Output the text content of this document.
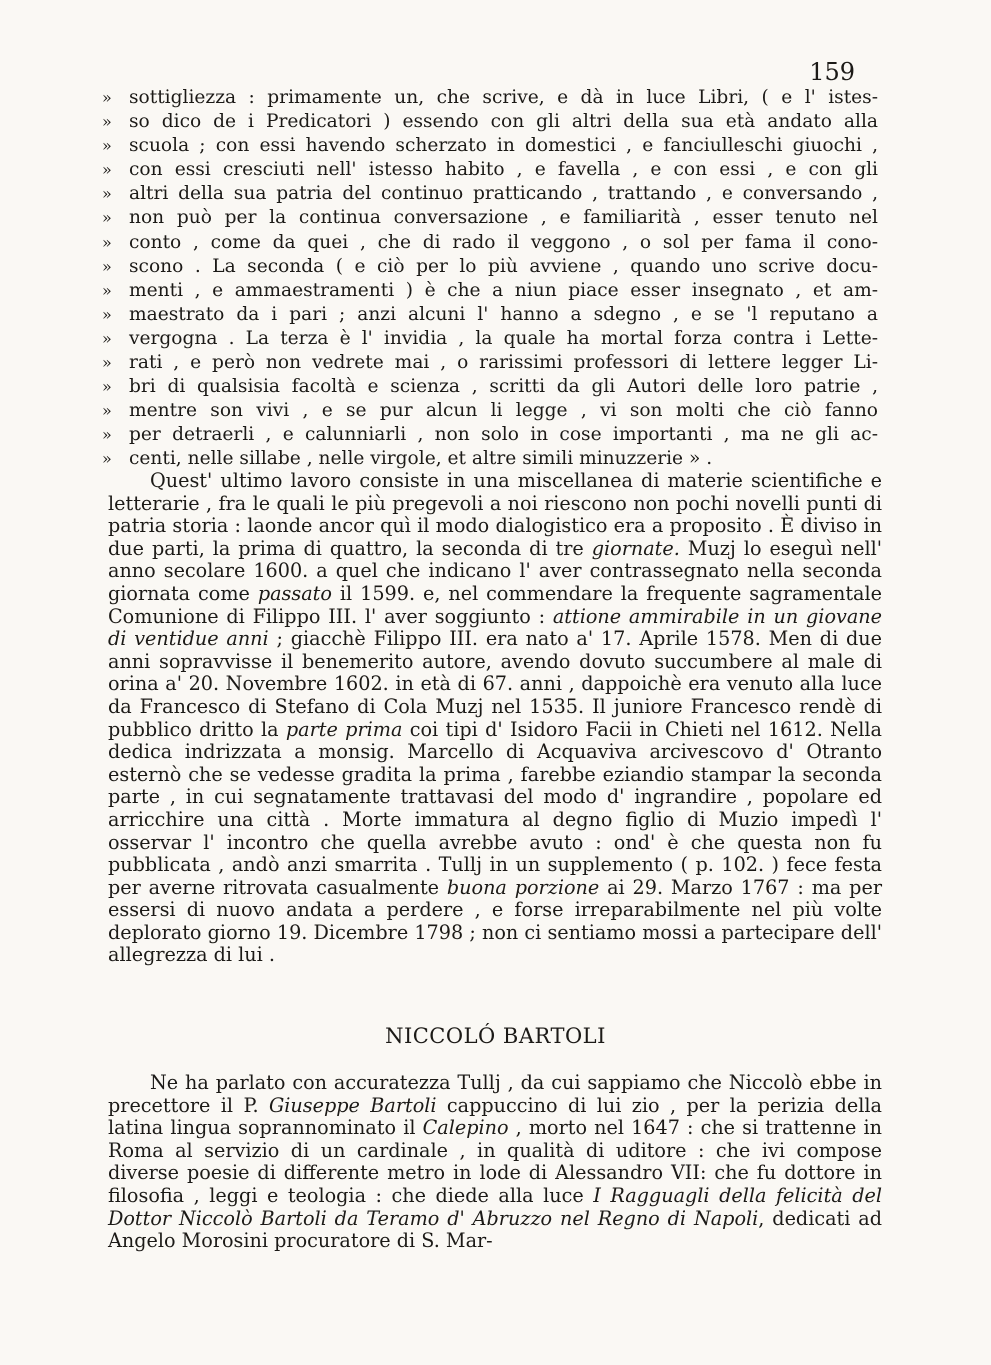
159
» sottigliezza : primamente un, che scrive, e dà in luce Libri, ( e l' istes-
» so dico de i Predicatori ) essendo con gli altri della sua età andato alla
» scuola ; con essi havendo scherzato in domestici , e fanciulleschi giuochi ,
» con essi cresciuti nell' istesso habito , e favella , e con essi , e con gli
» altri della sua patria del continuo pratticando , trattando , e conversando ,
» non può per la continua conversazione , e familiarità , esser tenuto nel
» conto , come da quei , che di rado il veggono , o sol per fama il cono-
» scono . La seconda ( e ciò per lo più avviene , quando uno scrive docu-
» menti , e ammaestramenti ) è che a niun piace esser insegnato , et am-
» maestrato da i pari ; anzi alcuni l' hanno a sdegno , e se 'l reputano a
» vergogna . La terza è l' invidia , la quale ha mortal forza contra i Lette-
» rati , e però non vedrete mai , o rarissimi professori di lettere legger Li-
» bri di qualsisia facoltà e scienza , scritti da gli Autori delle loro patrie ,
» mentre son vivi , e se pur alcun li legge , vi son molti che ciò fanno
» per detraerli , e calunniarli , non solo in cose importanti , ma ne gli ac-
» centi, nelle sillabe , nelle virgole, et altre simili minuzzerie » .

Quest' ultimo lavoro consiste in una miscellanea di materie scientifiche e letterarie , fra le quali le più pregevoli a noi riescono non pochi novelli punti di patria storia : laonde ancor quì il modo dialogistico era a proposito . È diviso in due parti, la prima di quattro, la seconda di tre giornate. Muzj lo eseguì nell' anno secolare 1600. a quel che indicano l' aver contrassegnato nella seconda giornata come passato il 1599. e, nel commendare la frequente sagramentale Comunione di Filippo III. l' aver soggiunto : attione ammirabile in un giovane di ventidue anni ; giacchè Filippo III. era nato a' 17. Aprile 1578. Men di due anni sopravvisse il benemerito autore, avendo dovuto succumbere al male di orina a' 20. Novembre 1602. in età di 67. anni , dappoichè era venuto alla luce da Francesco di Stefano di Cola Muzj nel 1535. Il juniore Francesco rendè di pubblico dritto la parte prima coi tipi d' Isidoro Facii in Chieti nel 1612. Nella dedica indrizzata a monsig. Marcello di Acquaviva arcivescovo d' Otranto esternò che se vedesse gradita la prima , farebbe eziandio stampar la seconda parte , in cui segnatamente trattavasi del modo d' ingrandire , popolare ed arricchire una città . Morte immatura al degno figlio di Muzio impedì l' osservar l' incontro che quella avrebbe avuto : ond' è che questa non fu pubblicata , andò anzi smarrita . Tullj in un supplemento ( p. 102. ) fece festa per averne ritrovata casualmente buona porzione ai 29. Marzo 1767 : ma per essersi di nuovo andata a perdere , e forse irreparabilmente nel più volte deplorato giorno 19. Dicembre 1798 ; non ci sentiamo mossi a partecipare dell' allegrezza di lui .

NICCOLÓ BARTOLI

Ne ha parlato con accuratezza Tullj , da cui sappiamo che Niccolò ebbe in precettore il P. Giuseppe Bartoli cappuccino di lui zio , per la perizia della latina lingua soprannominato il Calepino , morto nel 1647 : che si trattenne in Roma al servizio di un cardinale , in qualità di uditore : che ivi compose diverse poesie di differente metro in lode di Alessandro VII: che fu dottore in filosofia , leggi e teologia : che diede alla luce I Ragguagli della felicità del Dottor Niccolò Bartoli da Teramo d' Abruzzo nel Regno di Napoli, dedicati ad Angelo Morosini procuratore di S. Mar-
